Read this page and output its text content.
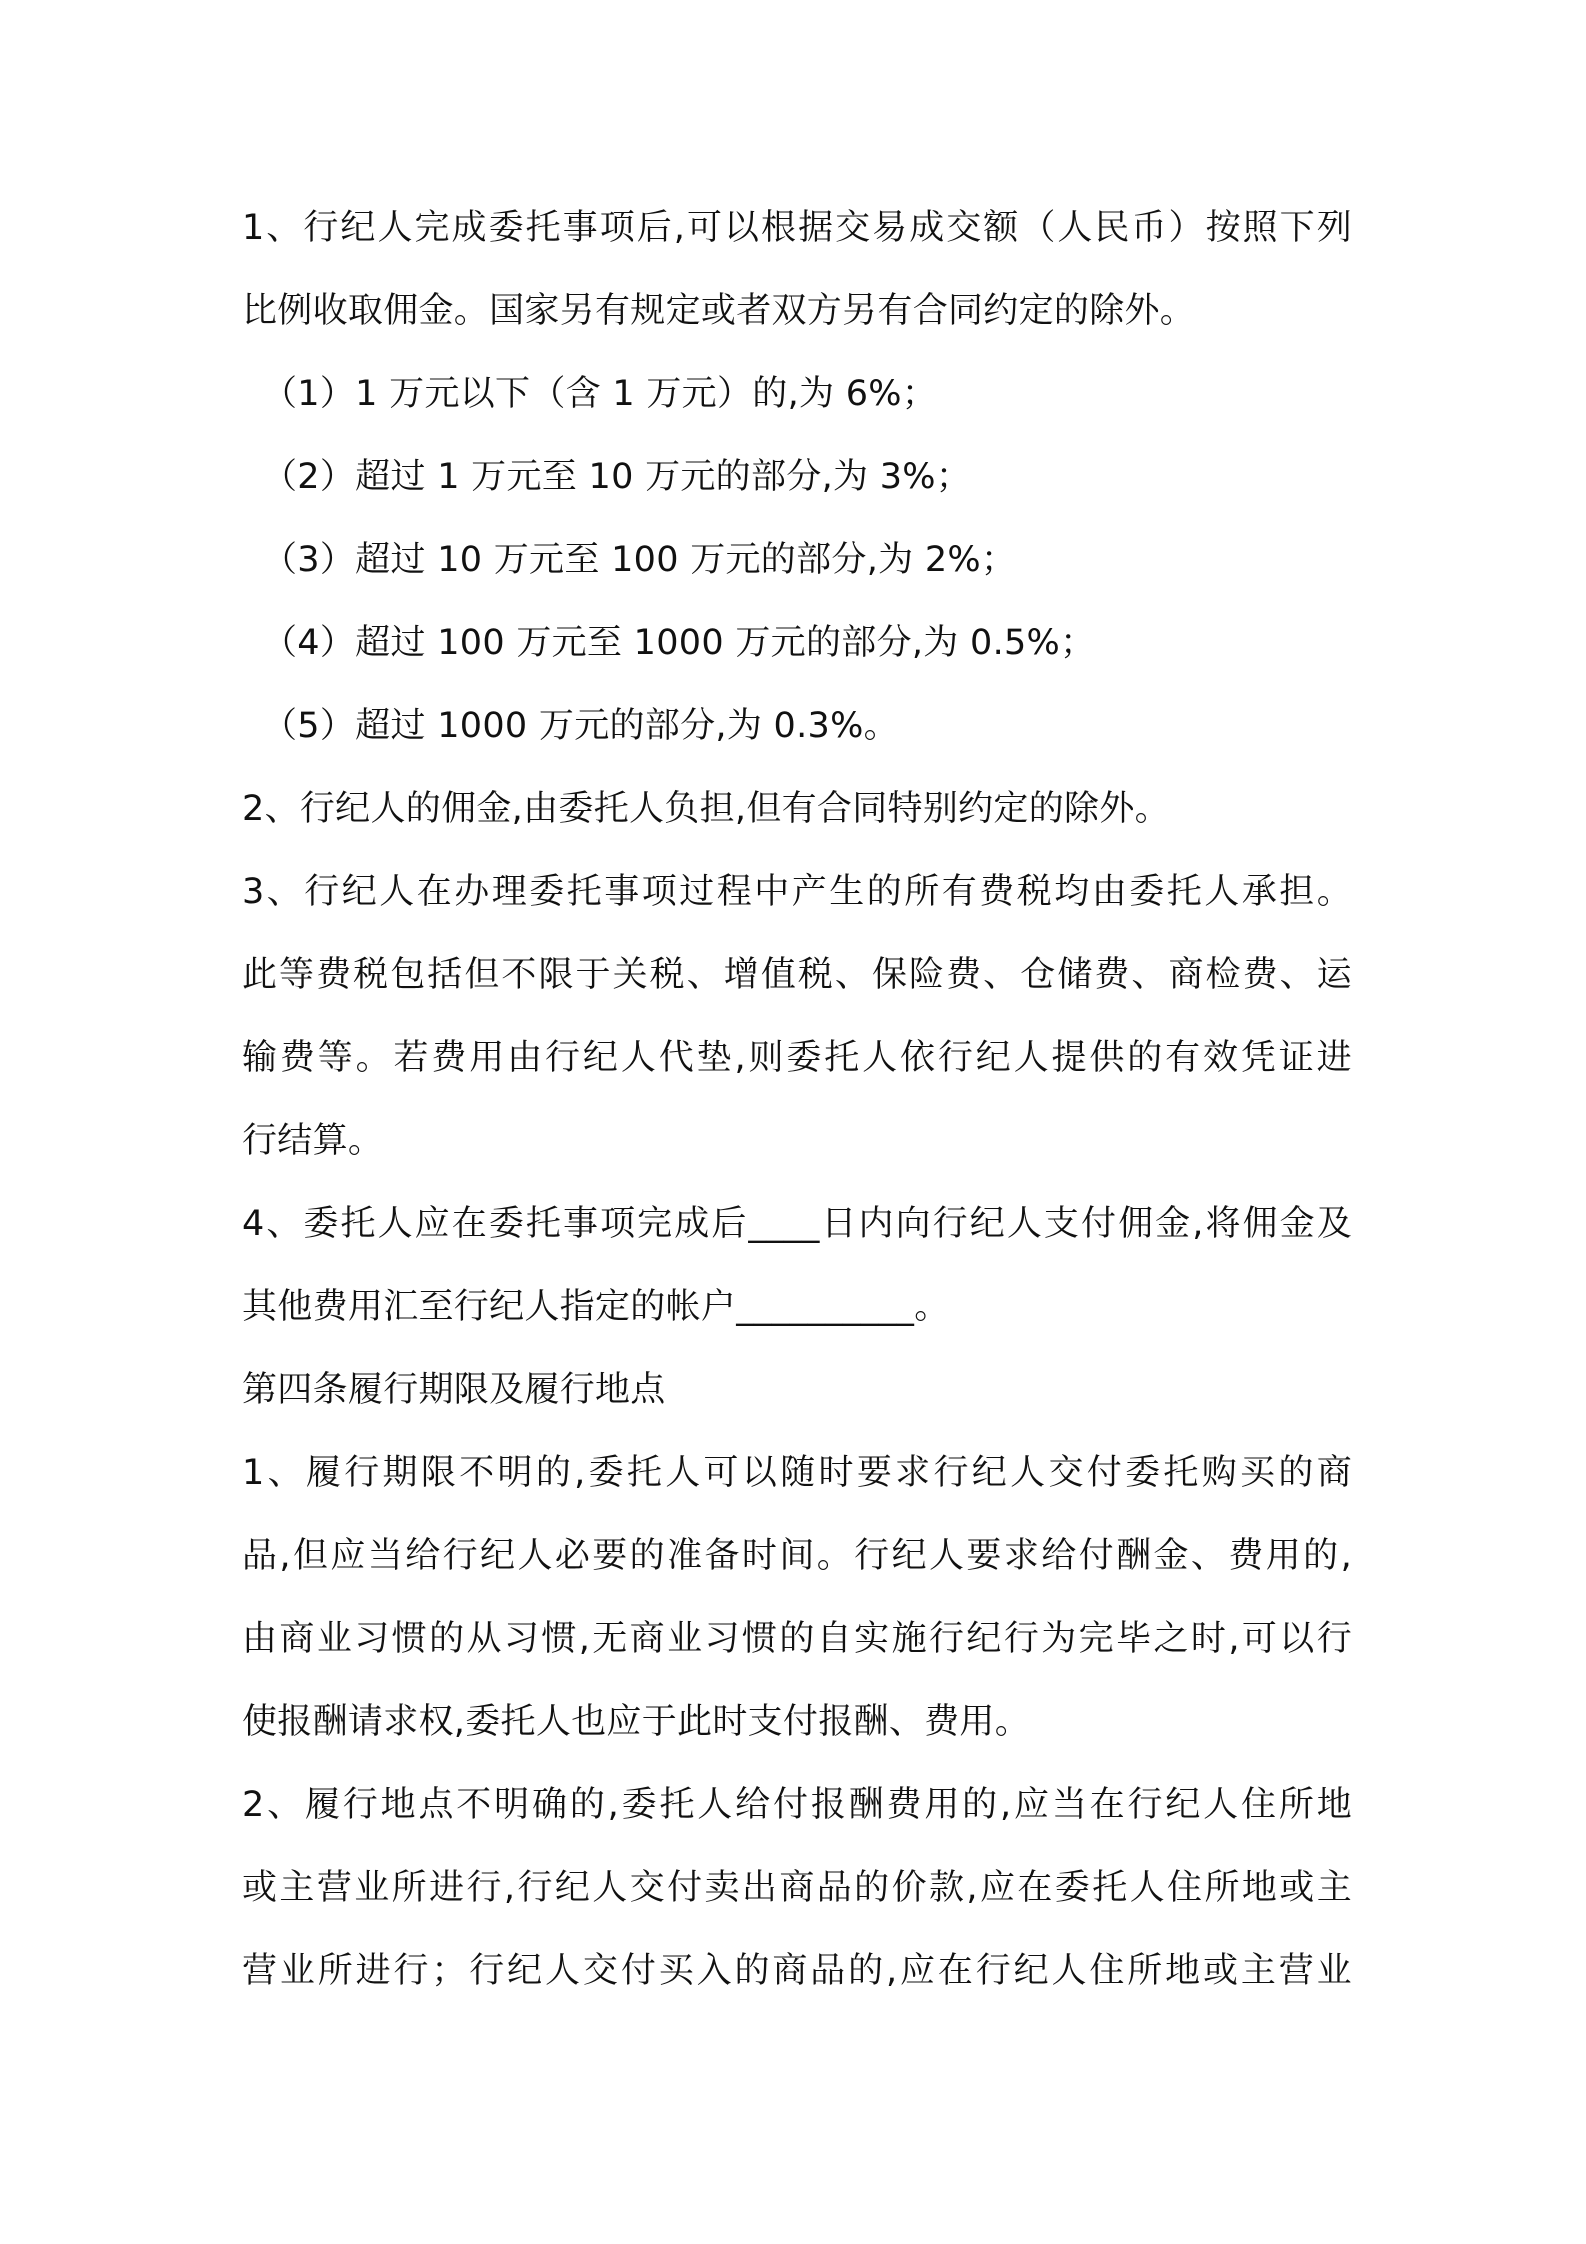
1、行纪人完成委托事项后,可以根据交易成交额（人民币）按照下列
比例收取佣金。国家另有规定或者双方另有合同约定的除外。
（1）1 万元以下（含 1 万元）的,为 6%；
（2）超过 1 万元至 10 万元的部分,为 3%；
（3）超过 10 万元至 100 万元的部分,为 2%；
（4）超过 100 万元至 1000 万元的部分,为 0.5%；
（5）超过 1000 万元的部分,为 0.3%。
2、行纪人的佣金,由委托人负担,但有合同特别约定的除外。
3、行纪人在办理委托事项过程中产生的所有费税均由委托人承担。
此等费税包括但不限于关税、增值税、保险费、仓储费、商检费、运
输费等。若费用由行纪人代垫,则委托人依行纪人提供的有效凭证进
行结算。
4、委托人应在委托事项完成后____日内向行纪人支付佣金,将佣金及
其他费用汇至行纪人指定的帐户__________。
第四条履行期限及履行地点
1、履行期限不明的,委托人可以随时要求行纪人交付委托购买的商
品,但应当给行纪人必要的准备时间。行纪人要求给付酬金、费用的,
由商业习惯的从习惯,无商业习惯的自实施行纪行为完毕之时,可以行
使报酬请求权,委托人也应于此时支付报酬、费用。
2、履行地点不明确的,委托人给付报酬费用的,应当在行纪人住所地
或主营业所进行,行纪人交付卖出商品的价款,应在委托人住所地或主
营业所进行；行纪人交付买入的商品的,应在行纪人住所地或主营业
